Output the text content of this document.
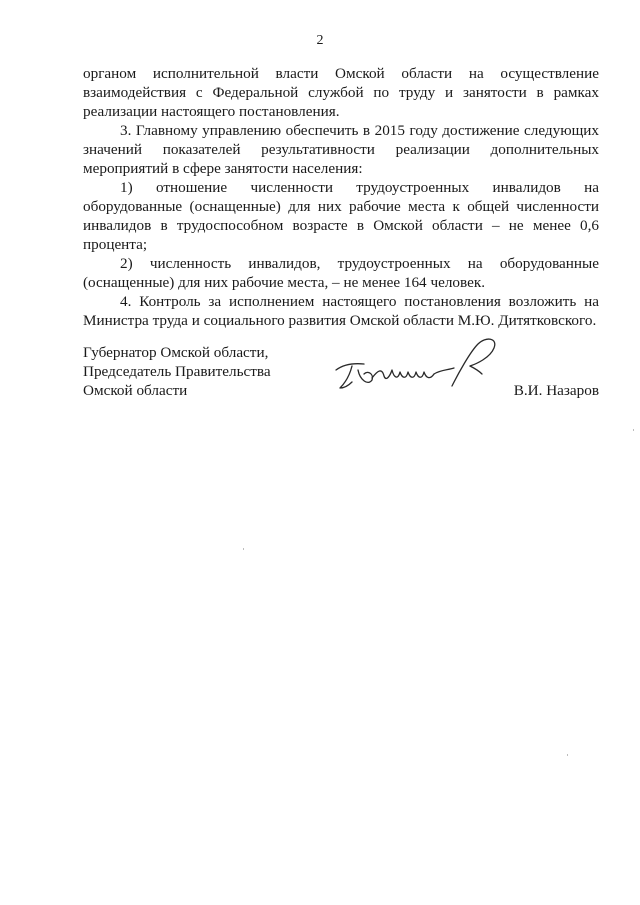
2

органом исполнительной власти Омской области на осуществление взаимодействия с Федеральной службой по труду и занятости в рамках реализации настоящего постановления.

3. Главному управлению обеспечить в 2015 году достижение следующих значений показателей результативности реализации дополнительных мероприятий в сфере занятости населения:

1) отношение численности трудоустроенных инвалидов на оборудованные (оснащенные) для них рабочие места к общей численности инвалидов в трудоспособном возрасте в Омской области – не менее 0,6 процента;

2) численность инвалидов, трудоустроенных на оборудованные (оснащенные) для них рабочие места, – не менее 164 человек.

4. Контроль за исполнением настоящего постановления возложить на Министра труда и социального развития Омской области М.Ю. Дитятковского.

Губернатор Омской области,
Председатель Правительства
Омской области	В.И. Назаров
